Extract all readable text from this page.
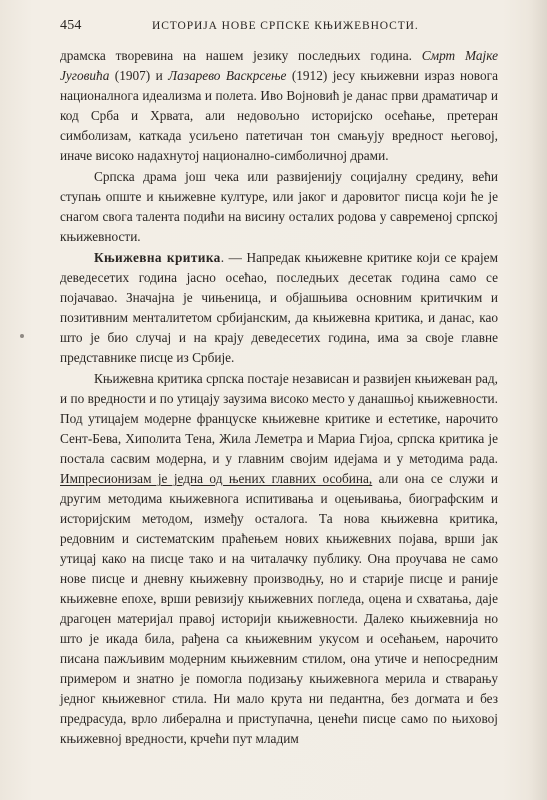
454	ИСТОРИЈА НОВЕ СРПСКЕ КЊИЖЕВНОСТИ.

драмска творевина на нашем језику последњих година. Смрт Мајке Југовића (1907) и Лазарево Васкрсење (1912) јесу књижевни израз новога националнога идеализма и полета. Иво Војновић је данас први драматичар и код Срба и Хрвата, али недовољно историјско осећање, претеран симболизам, каткада усиљено патетичан тон смањују вредност његовој, иначе високо надахнутој национално-симболичној драми.

Српска драма још чека или развијенију социјалну средину, већи ступањ опште и књижевне културе, или јаког и даровитог писца који ће је снагом свога талента подићи на висину осталих родова у савременој српској књижевности.

Књижевна критика. — Напредак књижевне критике који се крајем деведесетих година јасно осећао, последњих десетак година само се појачавао. Значајна је чињеница, и објашњива основним критичким и позитивним менталитетом србијанским, да књижевна критика, и данас, као што је био случај и на крају деведесетих година, има за своје главне представнике писце из Србије.

Књижевна критика српска постаје независан и развијен књижеван рад, и по вредности и по утицају заузима високо место у данашњој књижевности. Под утицајем модерне француске књижевне критике и естетике, нарочито Сент-Бева, Хиполита Тена, Жила Леметра и Мариа Гијоа, српска критика је постала сасвим модерна, и у главним својим идејама и у методима рада. Импресионизам је једна од њених главних особина, али она се служи и другим методима књижевнога испитивања и оцењивања, биографским и историјским методом, између осталога. Та нова књижевна критика, редовним и систематским праћењем нових књижевних појава, врши јак утицај како на писце тако и на читалачку публику. Она проучава не само нове писце и дневну књижевну производњу, но и старије писце и раније књижевне епохе, врши ревизију књижевних погледа, оцена и схватања, даје драгоцен материјал правој историји књижевности. Далеко књижевнија но што је икада била, рађена са књижевним укусом и осећањем, нарочито писана пажљивим модерним књижевним стилом, она утиче и непосредним примером и знатно је помогла подизању књижевнога мерила и стварању једног књижевног стила. Ни мало крута ни педантна, без догмата и без предрасуда, врло либерална и приступачна, ценећи писце само по њиховој књижевној вредности, крчећи пут младим
